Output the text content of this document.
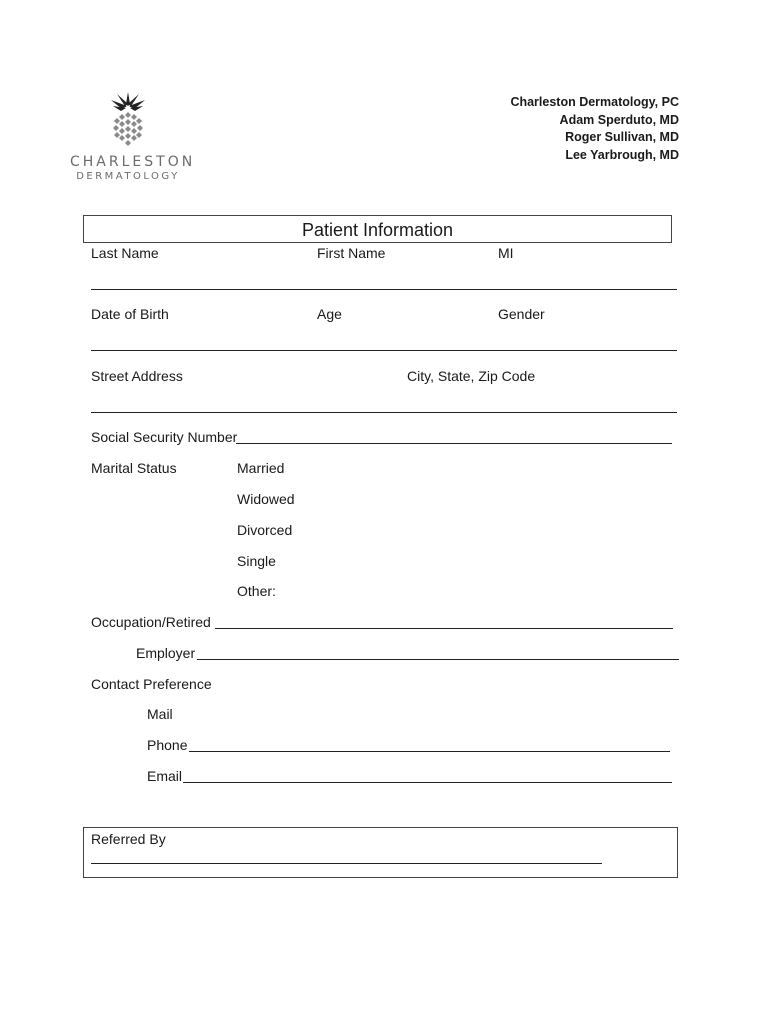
CHARLESTON
DERMATOLOGY
Charleston Dermatology, PC
Adam Sperduto, MD
Roger Sullivan, MD
Lee Yarbrough, MD
Patient Information
Last Name	First Name	MI
Date of Birth	Age	Gender
Street Address	City, State, Zip Code
Social Security Number
Marital Status	Married
Widowed
Divorced
Single
Other:
Occupation/Retired
Employer
Contact Preference
Mail
Phone
Email
Referred By
